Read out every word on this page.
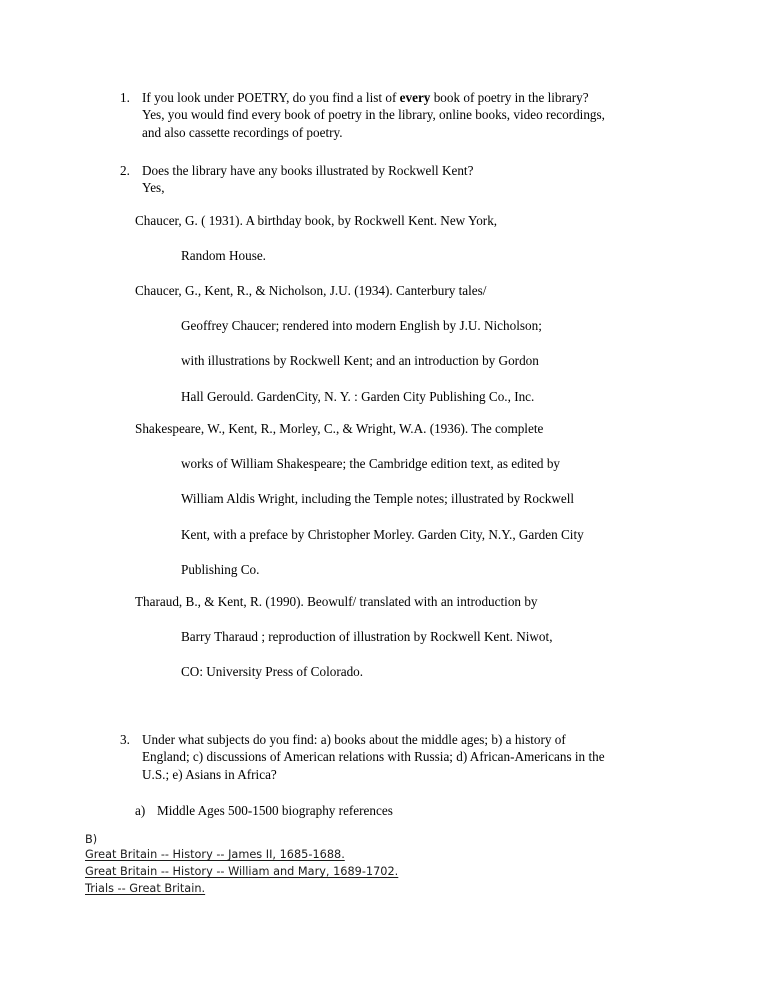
1. If you look under POETRY, do you find a list of every book of poetry in the library?

Yes, you would find every book of poetry in the library, online books, video recordings,

and also cassette recordings of poetry.

2. Does the library have any books illustrated by Rockwell Kent?

Yes,

Chaucer, G. ( 1931). A birthday book, by Rockwell Kent. New York,

Random House.

Chaucer, G., Kent, R., & Nicholson, J.U. (1934). Canterbury tales/

Geoffrey Chaucer; rendered into modern English by J.U. Nicholson;

with illustrations by Rockwell Kent; and an introduction by Gordon

Hall Gerould. GardenCity, N. Y. : Garden City Publishing Co., Inc.

Shakespeare, W., Kent, R., Morley, C., & Wright, W.A. (1936). The complete

works of William Shakespeare; the Cambridge edition text, as edited by

William Aldis Wright, including the Temple notes; illustrated by Rockwell

Kent, with a preface by Christopher Morley. Garden City, N.Y., Garden City

Publishing Co.

Tharaud, B., & Kent, R. (1990). Beowulf/ translated with an introduction by

Barry Tharaud ; reproduction of illustration by Rockwell Kent. Niwot,

CO: University Press of Colorado.

3. Under what subjects do you find: a) books about the middle ages; b) a history of

England; c) discussions of American relations with Russia; d) African-Americans in the

U.S.; e) Asians in Africa?

a) Middle Ages 500-1500 biography references

B)

Great Britain -- History -- James II, 1685-1688.
Great Britain -- History -- William and Mary, 1689-1702.
Trials -- Great Britain.
